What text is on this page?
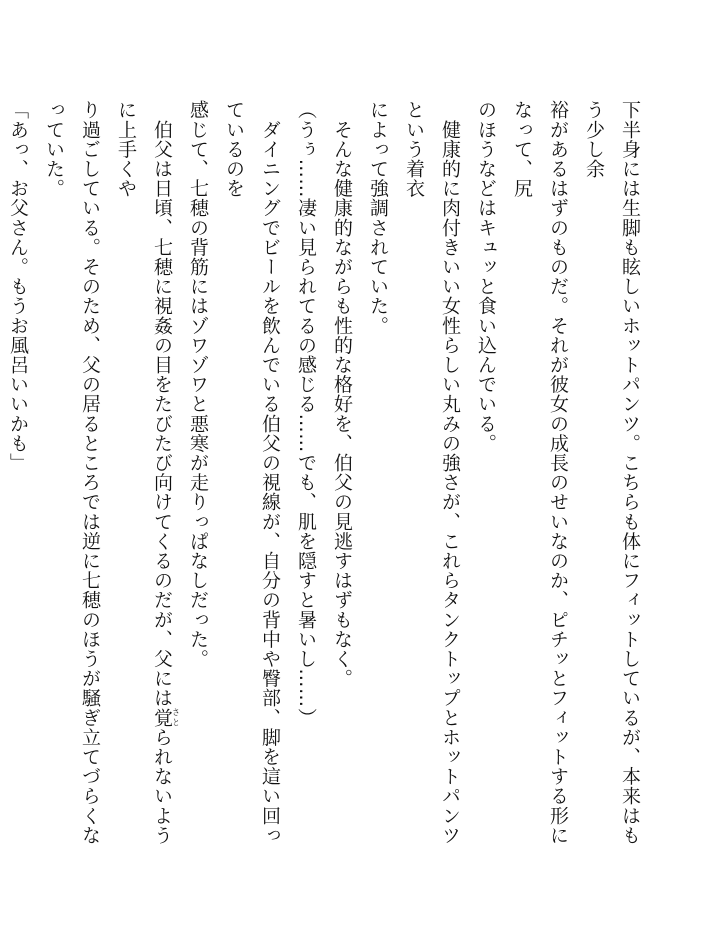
下半身には生脚も眩しいホットパンツ。こちらも体にフィットしているが、本来はもう少し余

裕があるはずのものだ。それが彼女の成長のせいなのか、ピチッとフィットする形になって、尻

のほうなどはキュッと食い込んでいる。

　健康的に肉付きいい女性らしい丸みの強さが、これらタンクトップとホットパンツという着衣

によって強調されていた。

　そんな健康的ながらも性的な格好を、伯父の見逃すはずもなく。

（うぅ……凄い見られてるの感じる……でも、肌を隠すと暑いし……）

　ダイニングでビールを飲んでいる伯父の視線が、自分の背中や臀部、脚を這い回っているのを

感じて、七穂の背筋にはゾワゾワと悪寒が走りっぱなしだった。

　伯父は日頃、七穂に視姦の目をたびたび向けてくるのだが、父には覚さとられないように上手くや

り過ごしている。そのため、父の居るところでは逆に七穂のほうが騒ぎ立てづらくなっていた。

「あっ、お父さん。もうお風呂いいかも」
